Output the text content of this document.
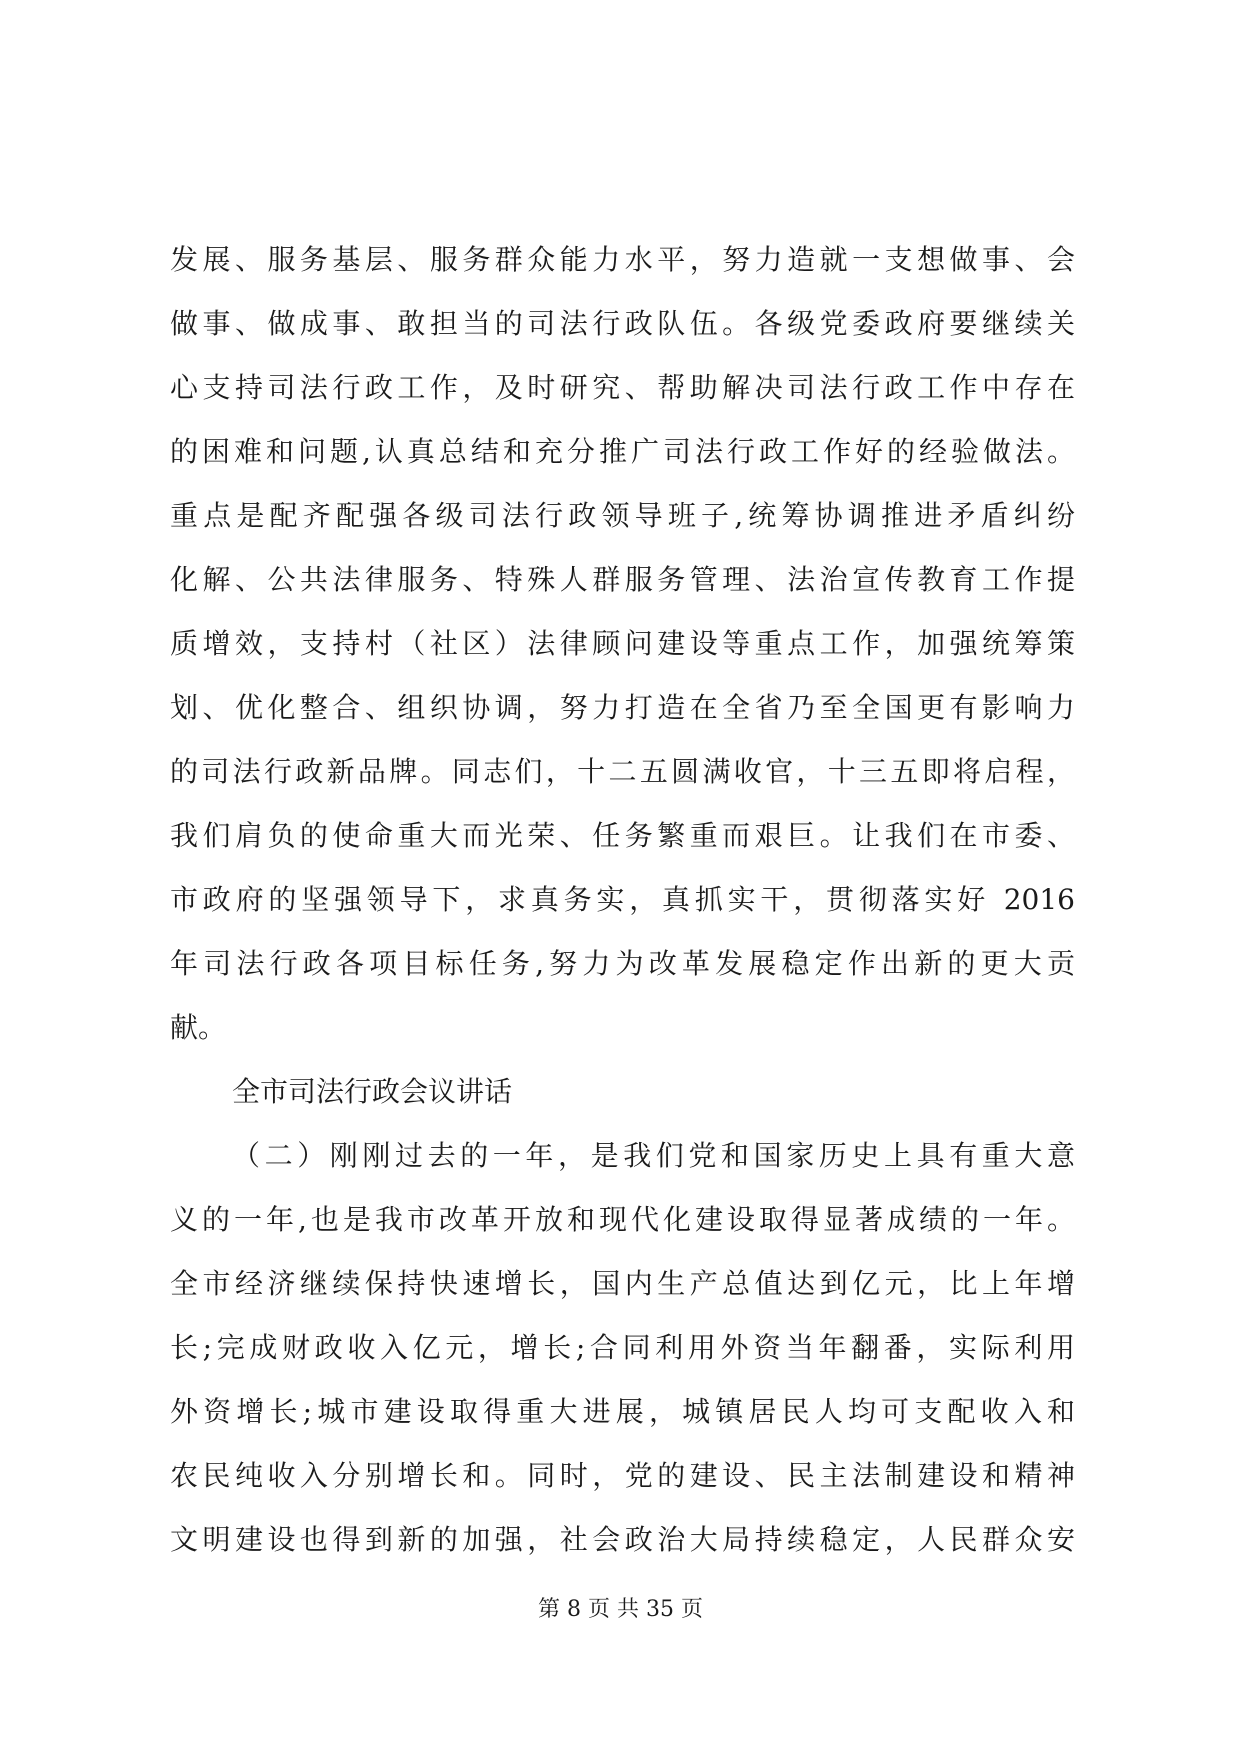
发展、服务基层、服务群众能力水平，努力造就一支想做事、会
做事、做成事、敢担当的司法行政队伍。各级党委政府要继续关
心支持司法行政工作，及时研究、帮助解决司法行政工作中存在
的困难和问题,认真总结和充分推广司法行政工作好的经验做法。
重点是配齐配强各级司法行政领导班子,统筹协调推进矛盾纠纷
化解、公共法律服务、特殊人群服务管理、法治宣传教育工作提
质增效，支持村（社区）法律顾问建设等重点工作，加强统筹策
划、优化整合、组织协调，努力打造在全省乃至全国更有影响力
的司法行政新品牌。同志们，十二五圆满收官，十三五即将启程，
我们肩负的使命重大而光荣、任务繁重而艰巨。让我们在市委、
市政府的坚强领导下，求真务实，真抓实干，贯彻落实好 2016
年司法行政各项目标任务,努力为改革发展稳定作出新的更大贡
献。
全市司法行政会议讲话
（二）刚刚过去的一年，是我们党和国家历史上具有重大意
义的一年,也是我市改革开放和现代化建设取得显著成绩的一年。
全市经济继续保持快速增长，国内生产总值达到亿元，比上年增
长;完成财政收入亿元，增长;合同利用外资当年翻番，实际利用
外资增长;城市建设取得重大进展，城镇居民人均可支配收入和
农民纯收入分别增长和。同时，党的建设、民主法制建设和精神
文明建设也得到新的加强，社会政治大局持续稳定，人民群众安
第 8 页 共 35 页
